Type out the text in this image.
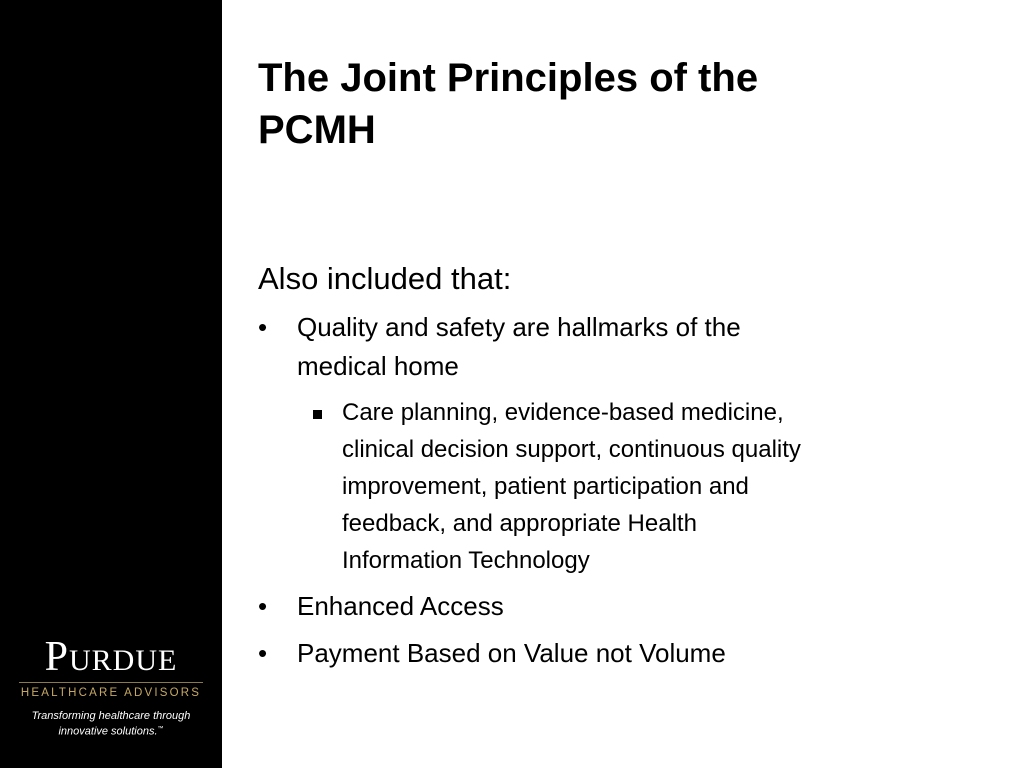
PURDUE
HEALTHCARE ADVISORS
Transforming healthcare through
innovative solutions.™
The Joint Principles of the
PCMH
Also included that:
•	Quality and safety are hallmarks of the
medical home
Care planning, evidence-based medicine,
clinical decision support, continuous quality
improvement, patient participation and
feedback, and appropriate Health
Information Technology
•	Enhanced Access
•	Payment Based on Value not Volume
